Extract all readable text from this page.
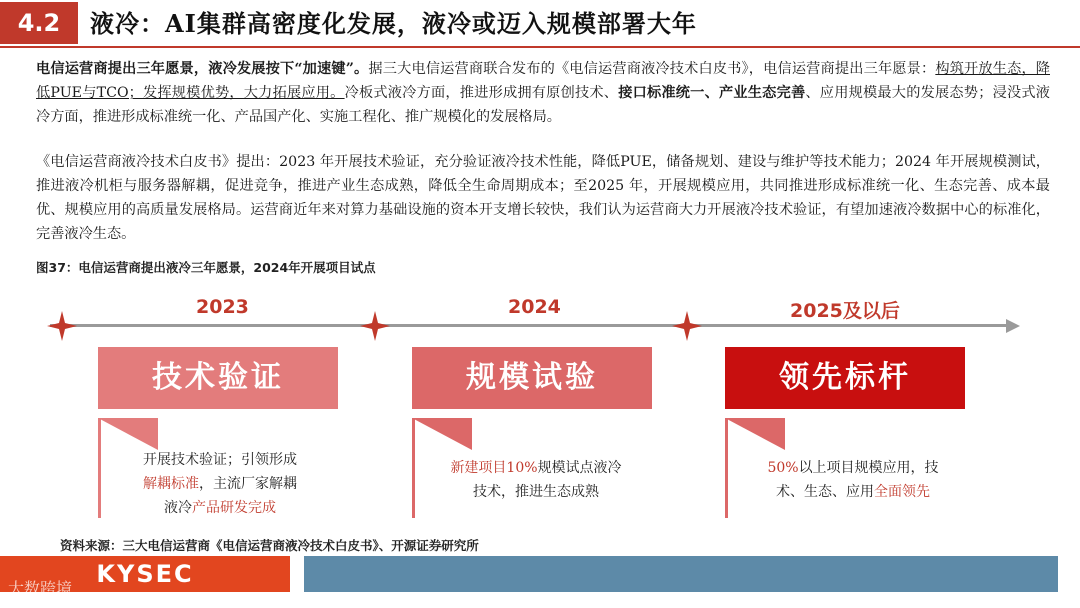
4.2	液冷：AI集群高密度化发展，液冷或迈入规模部署大年

电信运营商提出三年愿景，液冷发展按下“加速键”。据三大电信运营商联合发布的《电信运营商液冷技术白皮书》，电信运营商提出三年愿景：构筑开放生态，降低PUE与TCO；发挥规模优势，大力拓展应用。冷板式液冷方面，推进形成拥有原创技术、接口标准统一、产业生态完善、应用规模最大的发展态势；浸没式液冷方面，推进形成标准统一化、产品国产化、实施工程化、推广规模化的发展格局。

《电信运营商液冷技术白皮书》提出：2023 年开展技术验证，充分验证液冷技术性能，降低PUE，储备规划、建设与维护等技术能力；2024 年开展规模测试，推进液冷机柜与服务器解耦，促进竞争，推进产业生态成熟，降低全生命周期成本；至2025 年，开展规模应用，共同推进形成标准统一化、生态完善、成本最优、规模应用的高质量发展格局。运营商近年来对算力基础设施的资本开支增长较快，我们认为运营商大力开展液冷技术验证，有望加速液冷数据中心的标准化，完善液冷生态。

图37：电信运营商提出液冷三年愿景，2024年开展项目试点
2023	2024	2025及以后
技术验证	规模试验	领先标杆
开展技术验证；引领形成
解耦标准，主流厂家解耦
液冷产品研发完成
新建项目10%规模试点液冷
技术，推进生态成熟
50%以上项目规模应用，技
术、生态、应用全面领先
资料来源：三大电信运营商《电信运营商液冷技术白皮书》、开源证券研究所
KYSEC
大数跨境
